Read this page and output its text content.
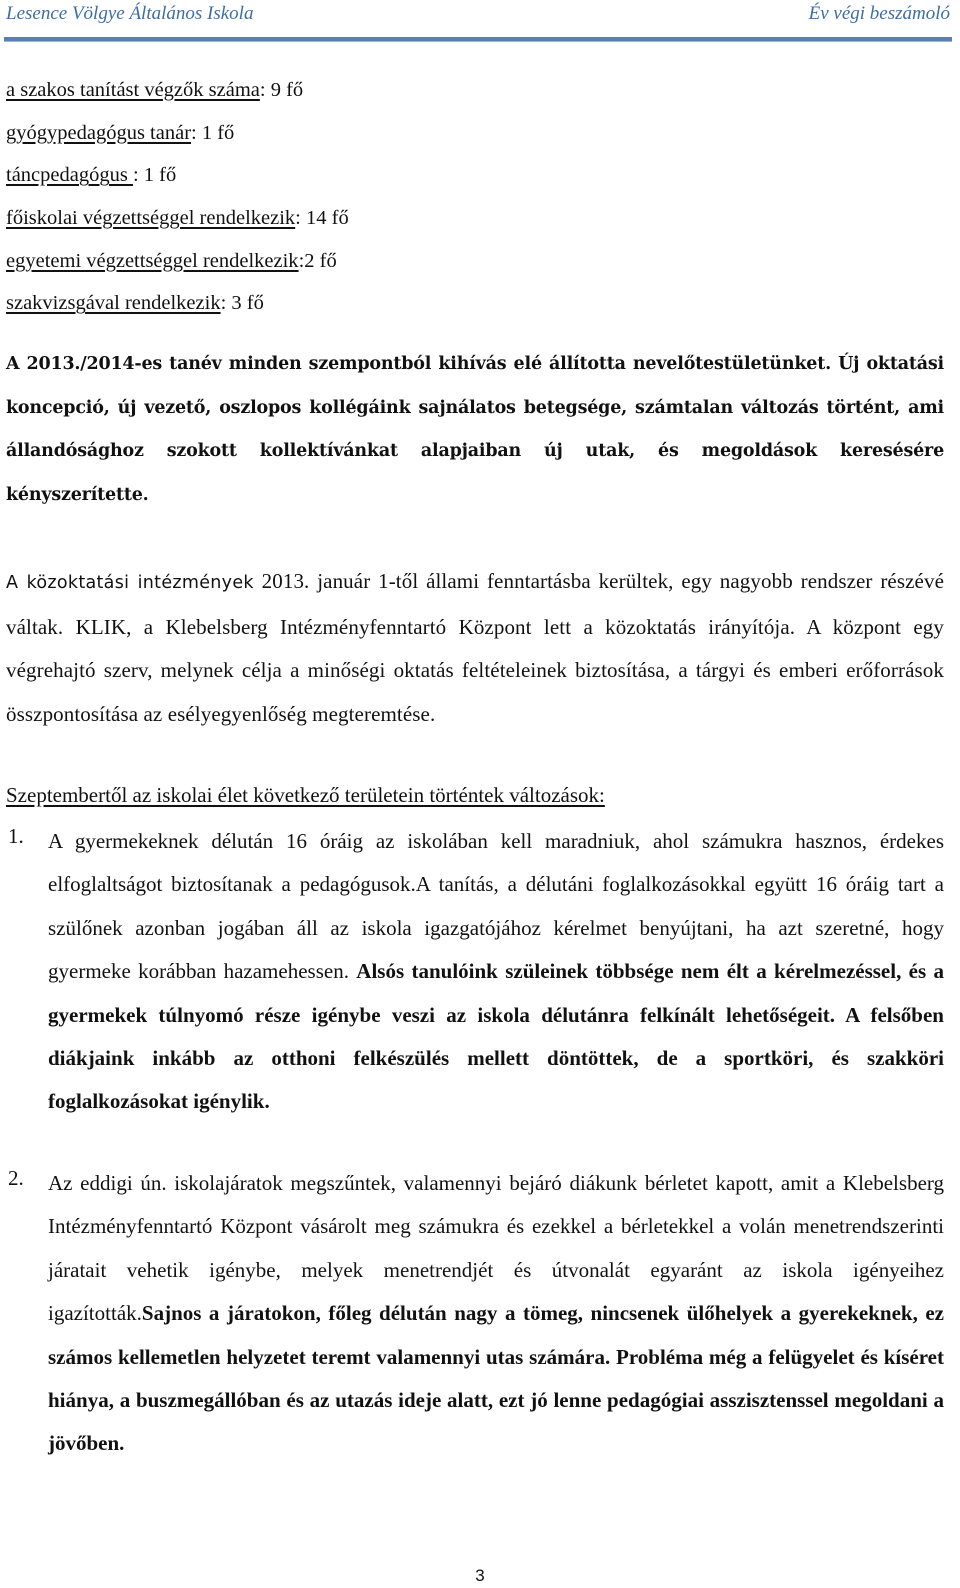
Lesence Völgye Általános Iskola	Év végi beszámoló
a szakos tanítást végzők száma: 9 fő
gyógypedagógus tanár: 1 fő
táncpedagógus : 1 fő
főiskolai végzettséggel rendelkezik: 14 fő
egyetemi végzettséggel rendelkezik:2 fő
szakvizsgával rendelkezik: 3 fő

A 2013./2014-es tanév minden szempontból kihívás elé állította nevelőtestületünket. Új oktatási koncepció, új vezető, oszlopos kollégáink sajnálatos betegsége, számtalan változás történt, ami állandósághoz szokott kollektívánkat alapjaiban új utak, és megoldások keresésére kényszerítette.

A közoktatási intézmények 2013. január 1-től állami fenntartásba kerültek, egy nagyobb rendszer részévé váltak. KLIK, a Klebelsberg Intézményfenntartó Központ lett a közoktatás irányítója. A központ egy végrehajtó szerv, melynek célja a minőségi oktatás feltételeinek biztosítása, a tárgyi és emberi erőforrások összpontosítása az esélyegyenlőség megteremtése.

Szeptembertől az iskolai élet következő területein történtek változások:
1. A gyermekeknek délután 16 óráig az iskolában kell maradniuk, ahol számukra hasznos, érdekes elfoglaltságot biztosítanak a pedagógusok.A tanítás, a délutáni foglalkozásokkal együtt 16 óráig tart a szülőnek azonban jogában áll az iskola igazgatójához kérelmet benyújtani, ha azt szeretné, hogy gyermeke korábban hazamehessen. Alsós tanulóink szüleinek többsége nem élt a kérelmezéssel, és a gyermekek túlnyomó része igénybe veszi az iskola délutánra felkínált lehetőségeit. A felsőben diákjaink inkább az otthoni felkészülés mellett döntöttek, de a sportköri, és szakköri foglalkozásokat igénylik.

2. Az eddigi ún. iskolajáratok megszűntek, valamennyi bejáró diákunk bérletet kapott, amit a Klebelsberg Intézményfenntartó Központ vásárolt meg számukra és ezekkel a bérletekkel a volán menetrendszerinti járatait vehetik igénybe, melyek menetrendjét és útvonalát egyaránt az iskola igényeihez igazították.Sajnos a járatokon, főleg délután nagy a tömeg, nincsenek ülőhelyek a gyerekeknek, ez számos kellemetlen helyzetet teremt valamennyi utas számára. Probléma még a felügyelet és kíséret hiánya, a buszmegállóban és az utazás ideje alatt, ezt jó lenne pedagógiai asszisztenssel megoldani a jövőben.

3
